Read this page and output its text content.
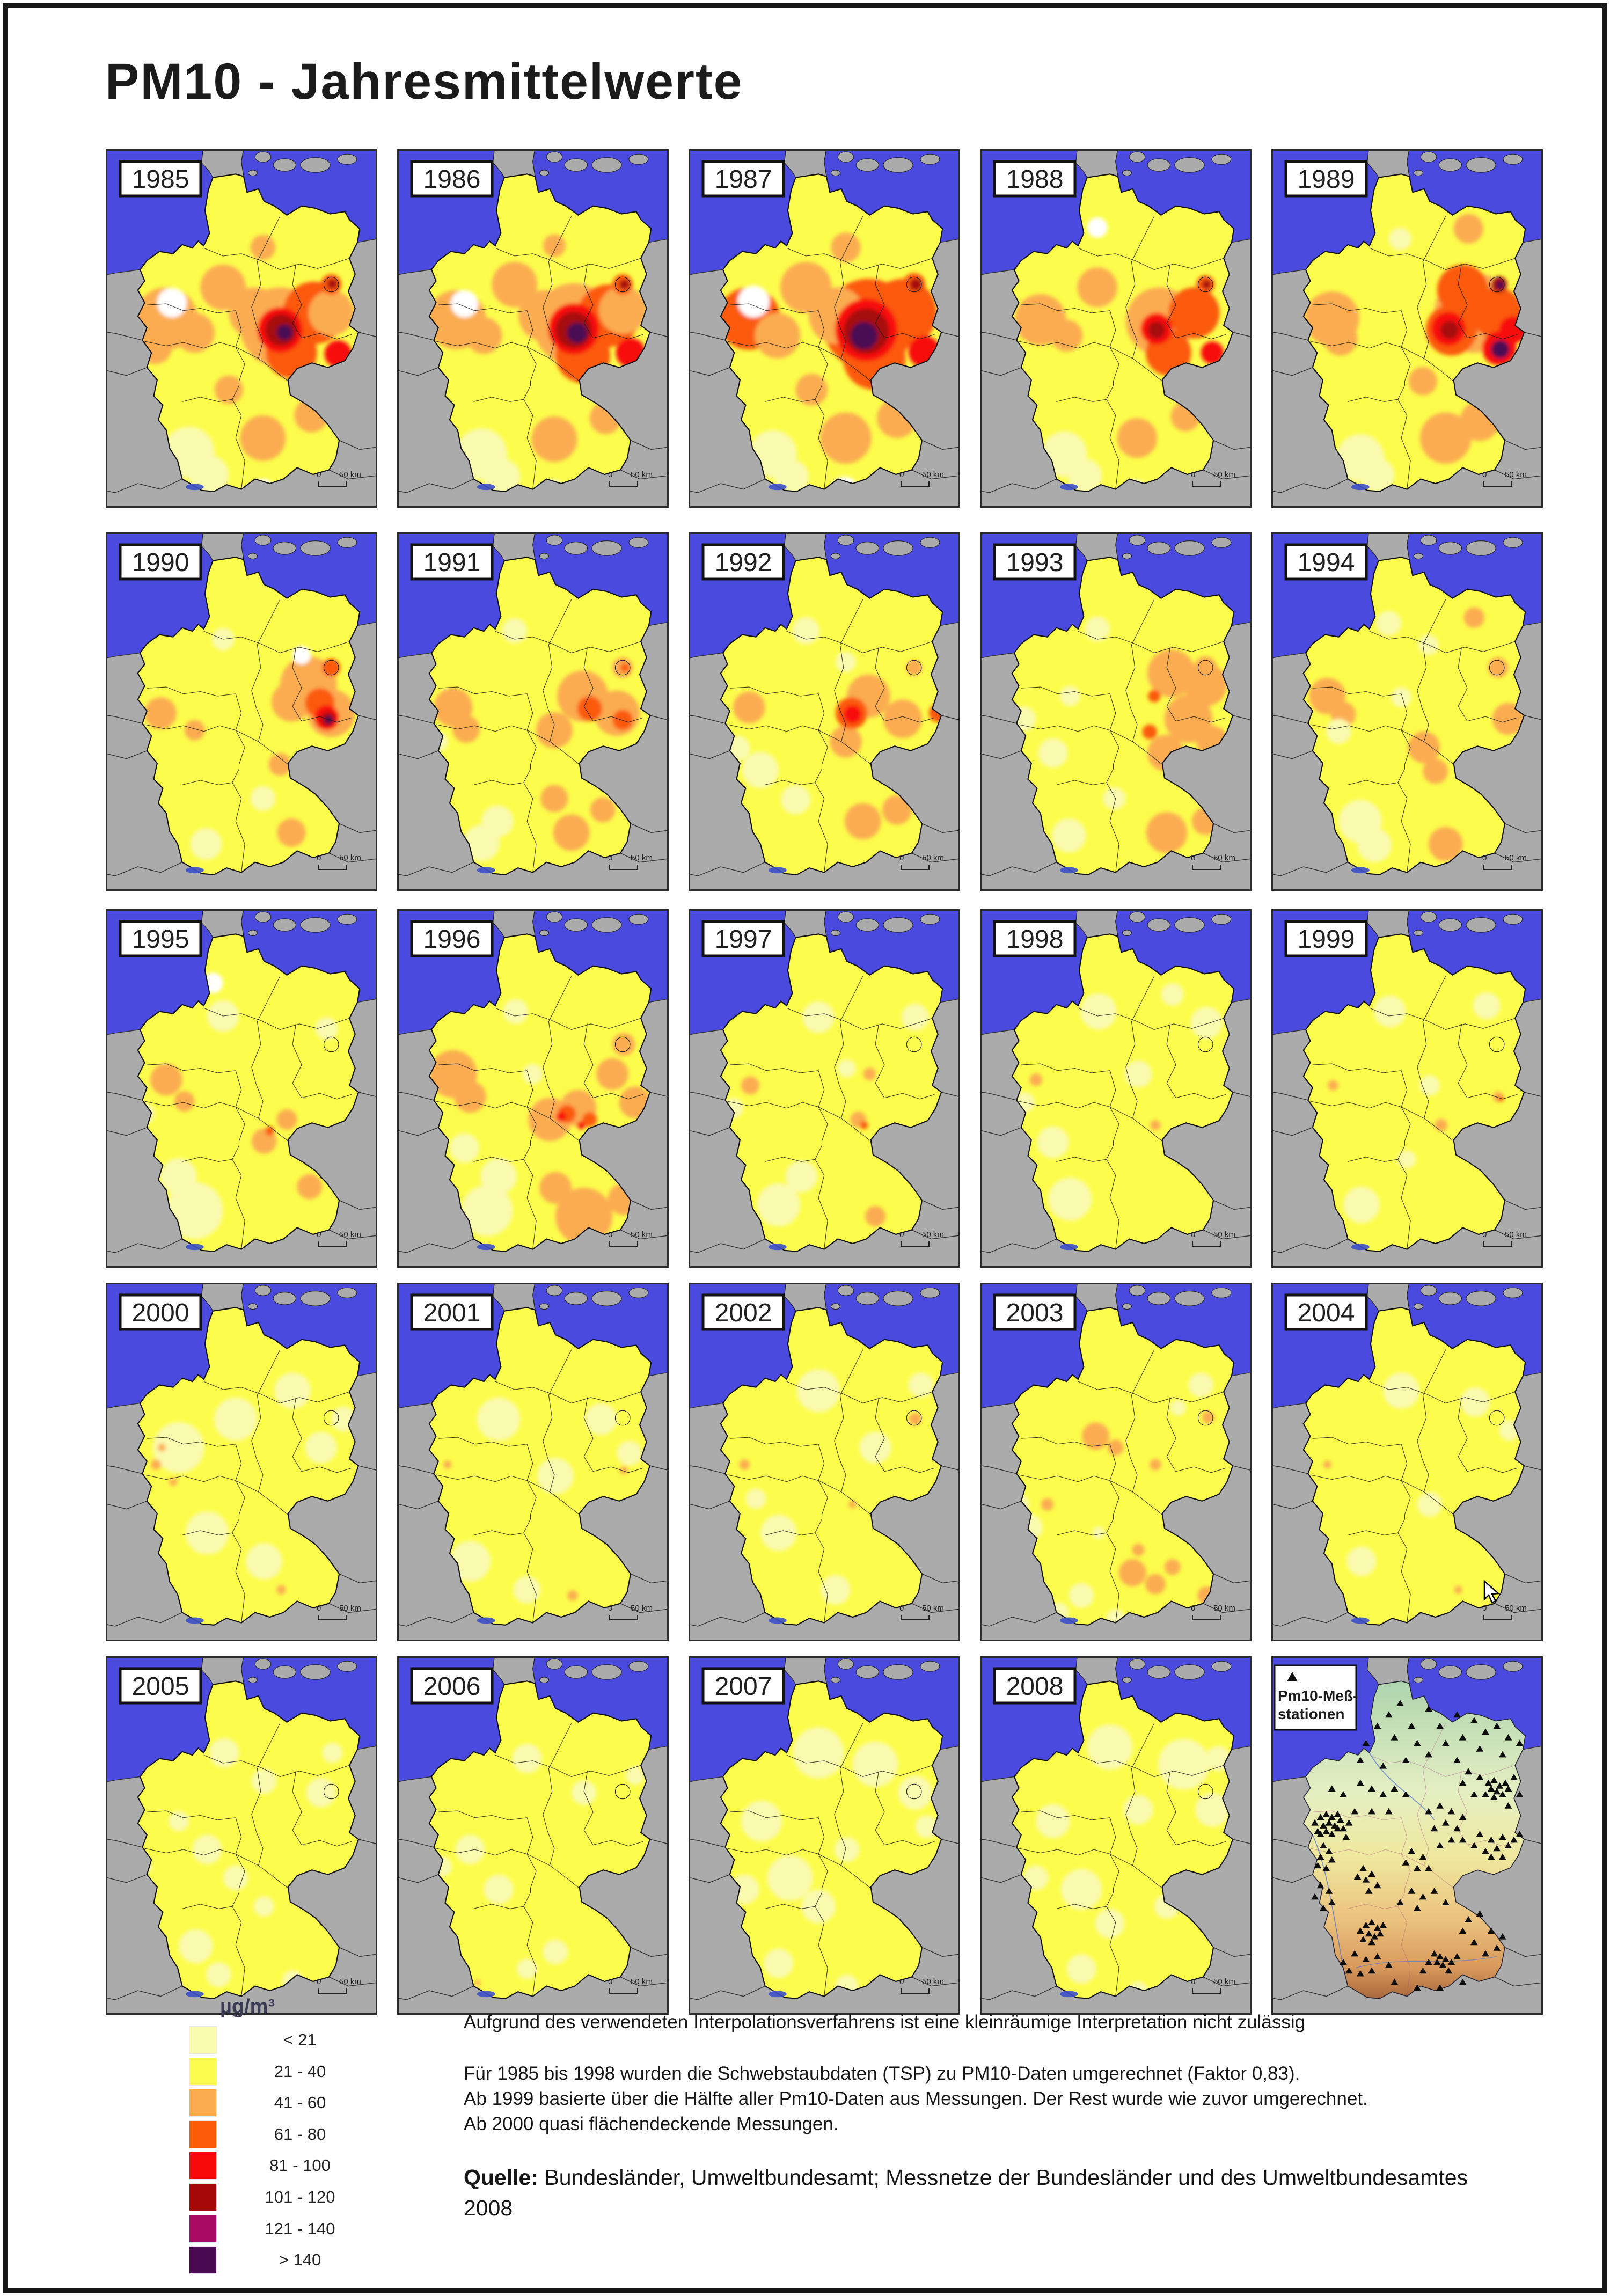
PM10 - Jahresmittelwerte
1985
0 50 km
1986
0 50 km
1987
0 50 km
1988
0 50 km
1989
0 50 km
1990
0 50 km
1991
0 50 km
1992
0 50 km
1993
0 50 km
1994
0 50 km
1995
0 50 km
1996
0 50 km
1997
0 50 km
1998
0 50 km
1999
0 50 km
2000
0 50 km
2001
0 50 km
2002
0 50 km
2003
0 50 km
2004
0 50 km
2005
0 50 km
2006
0 50 km
2007
0 50 km
2008
0 50 km
Pm10-Meß-
stationen
µg/m³
< 21
21 - 40
41 - 60
61 - 80
81 - 100
101 - 120
121 - 140
> 140

Aufgrund des verwendeten Interpolationsverfahrens ist eine kleinräumige Interpretation nicht zulässig

Für 1985 bis 1998 wurden die Schwebstaubdaten (TSP) zu PM10-Daten umgerechnet (Faktor 0,83).
Ab 1999 basierte über die Hälfte aller Pm10-Daten aus Messungen. Der Rest wurde wie zuvor umgerechnet.
Ab 2000 quasi flächendeckende Messungen.

Quelle: Bundesländer, Umweltbundesamt; Messnetze der Bundesländer und des Umweltbundesamtes 2008
